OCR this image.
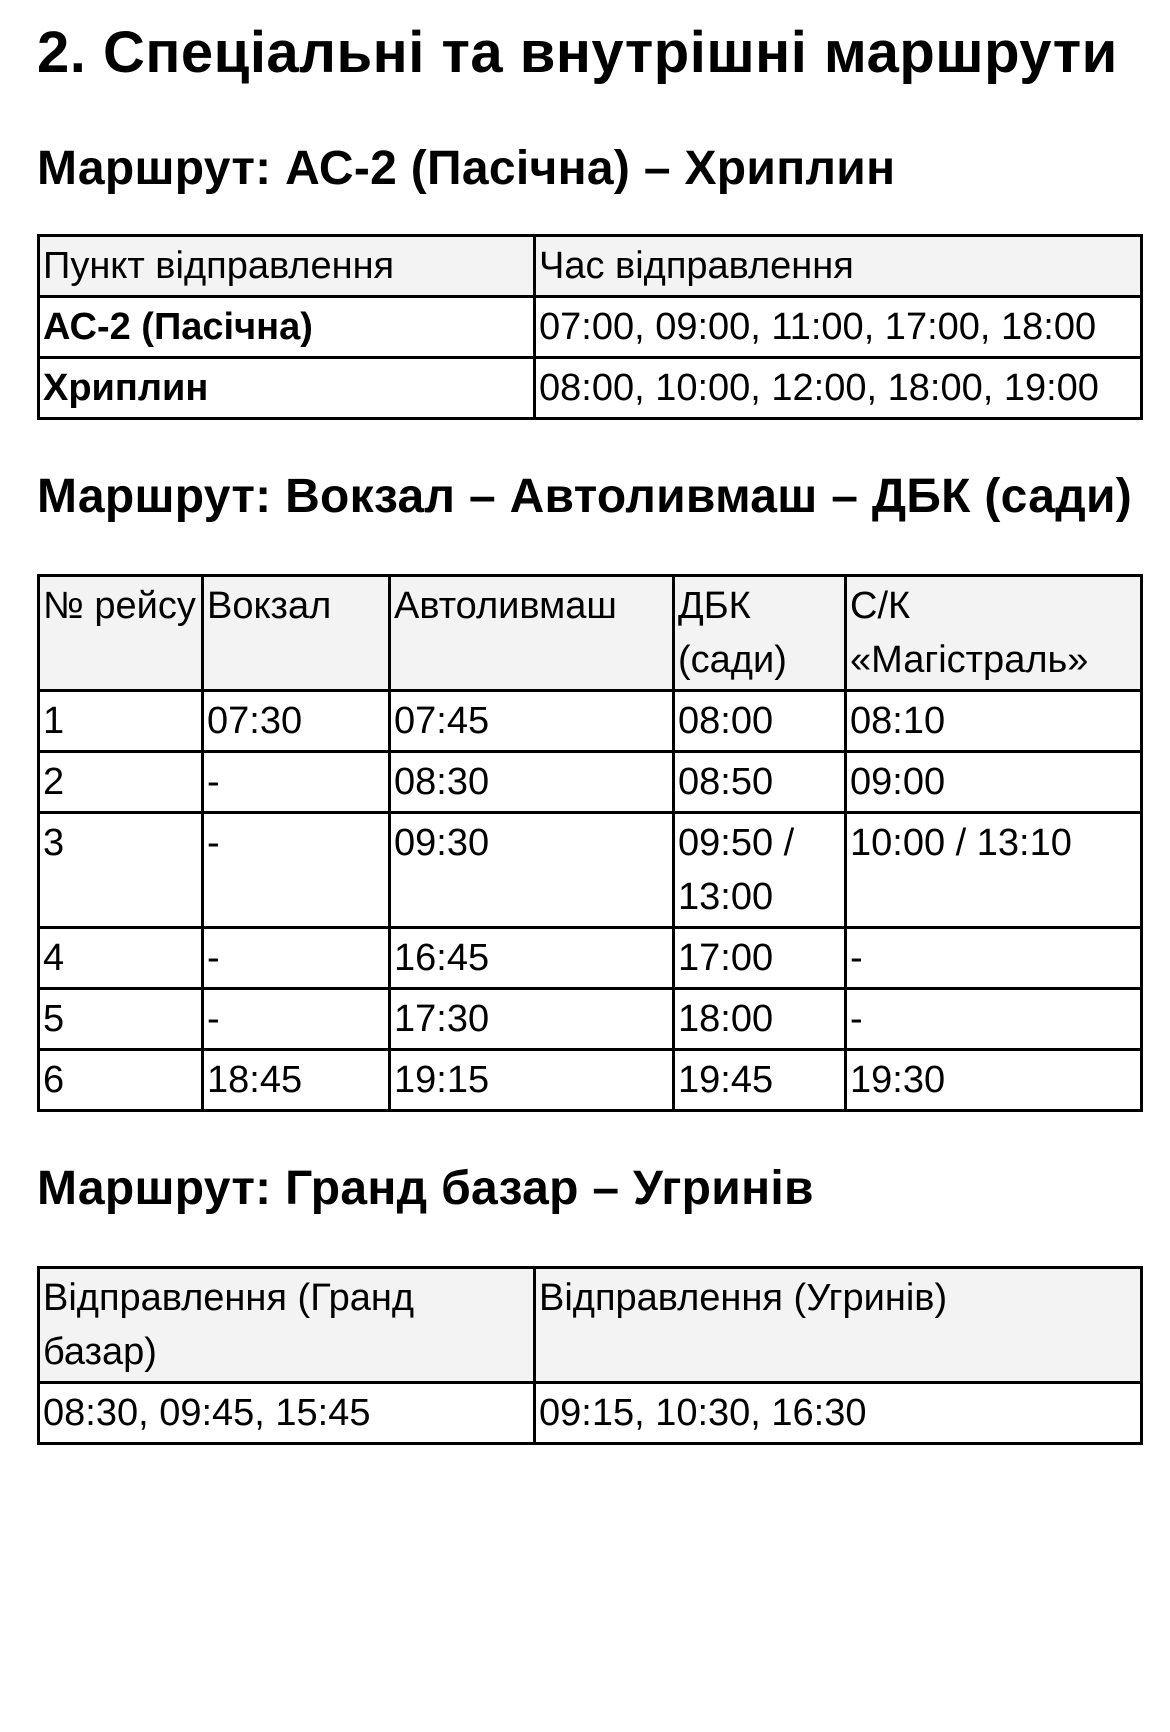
2. Спеціальні та внутрішні маршрути
Маршрут: АС-2 (Пасічна) – Хриплин
Пункт відправлення	Час відправлення
АС-2 (Пасічна)	07:00, 09:00, 11:00, 17:00, 18:00
Хриплин	08:00, 10:00, 12:00, 18:00, 19:00
Маршрут: Вокзал – Автоливмаш – ДБК (сади)
№ рейсу	Вокзал	Автоливмаш	ДБК (сади)	С/К «Магістраль»
1	07:30	07:45	08:00	08:10
2	-	08:30	08:50	09:00
3	-	09:30	09:50 / 13:00	10:00 / 13:10
4	-	16:45	17:00	-
5	-	17:30	18:00	-
6	18:45	19:15	19:45	19:30
Маршрут: Гранд базар – Угринів
Відправлення (Гранд базар)	Відправлення (Угринів)
08:30, 09:45, 15:45	09:15, 10:30, 16:30
